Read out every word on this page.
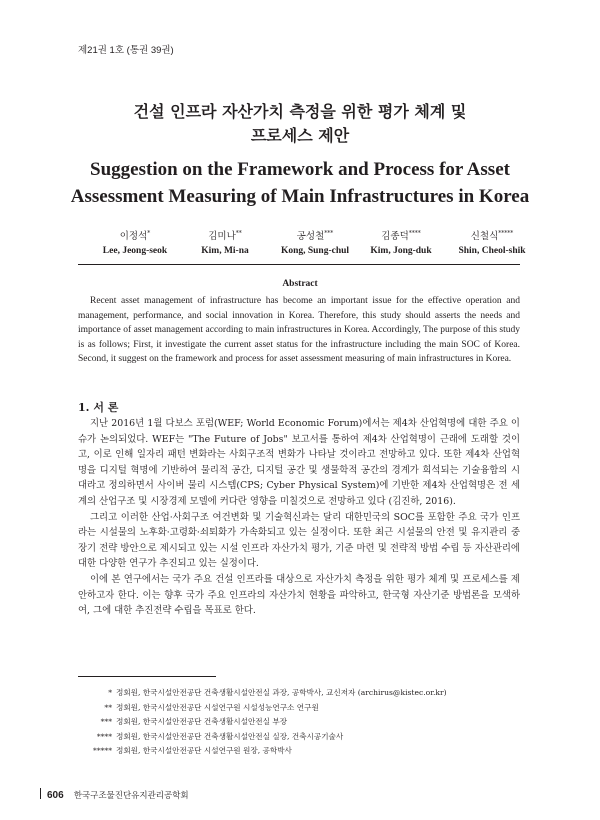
제21권 1호 (통권 39권)
건설 인프라 자산가치 측정을 위한 평가 체계 및
프로세스 제안
Suggestion on the Framework and Process for Asset
Assessment Measuring of Main Infrastructures in Korea
이정석*
Lee, Jeong-seok
김미나**
Kim, Mi-na
공성철***
Kong, Sung-chul
김종덕****
Kim, Jong-duk
신철식*****
Shin, Cheol-shik
Abstract

Recent asset management of infrastructure has become an important issue for the effective operation and management, performance, and social innovation in Korea. Therefore, this study should asserts the needs and importance of asset management according to main infrastructures in Korea. Accordingly, The purpose of this study is as follows; First, it investigate the current asset status for the infrastructure including the main SOC of Korea. Second, it suggest on the framework and process for asset assessment measuring of main infrastructures in Korea.

1. 서 론

지난 2016년 1월 다보스 포럼(WEF; World Economic Forum)에서는 제4차 산업혁명에 대한 주요 이슈가 논의되었다. WEF는 "The Future of Jobs" 보고서를 통하여 제4차 산업혁명이 근래에 도래할 것이고, 이로 인해 일자리 패턴 변화라는 사회구조적 변화가 나타날 것이라고 전망하고 있다. 또한 제4차 산업혁명을 디지털 혁명에 기반하여 물리적 공간, 디지털 공간 및 생물학적 공간의 경계가 희석되는 기술융합의 시대라고 정의하면서 사이버 물리 시스템(CPS; Cyber Physical System)에 기반한 제4차 산업혁명은 전 세계의 산업구조 및 시장경제 모델에 커다란 영향을 미칠것으로 전망하고 있다 (김진하, 2016).

그리고 이러한 산업·사회구조 여건변화 및 기술혁신과는 달리 대한민국의 SOC를 포함한 주요 국가 인프라는 시설물의 노후화·고령화·쇠퇴화가 가속화되고 있는 실정이다. 또한 최근 시설물의 안전 및 유지관리 중장기 전략 방안으로 제시되고 있는 시설 인프라 자산가치 평가, 기준 마련 및 전략적 방법 수립 등 자산관리에 대한 다양한 연구가 추진되고 있는 실정이다.

이에 본 연구에서는 국가 주요 건설 인프라를 대상으로 자산가치 측정을 위한 평가 체계 및 프로세스를 제안하고자 한다. 이는 향후 국가 주요 인프라의 자산가치 현황을 파악하고, 한국형 자산기준 방법론을 모색하여, 그에 대한 추진전략 수립을 목표로 한다.

* 정회원, 한국시설안전공단 건축생활시설안전실 과장, 공학박사, 교신저자 (archirus@kistec.or.kr)
** 정회원, 한국시설안전공단 시설연구원 시설성능연구소 연구원
*** 정회원, 한국시설안전공단 건축생활시설안전실 부장
**** 정회원, 한국시설안전공단 건축생활시설안전실 실장, 건축시공기술사
***** 정회원, 한국시설안전공단 시설연구원 원장, 공학박사
606 한국구조물진단유지관리공학회
